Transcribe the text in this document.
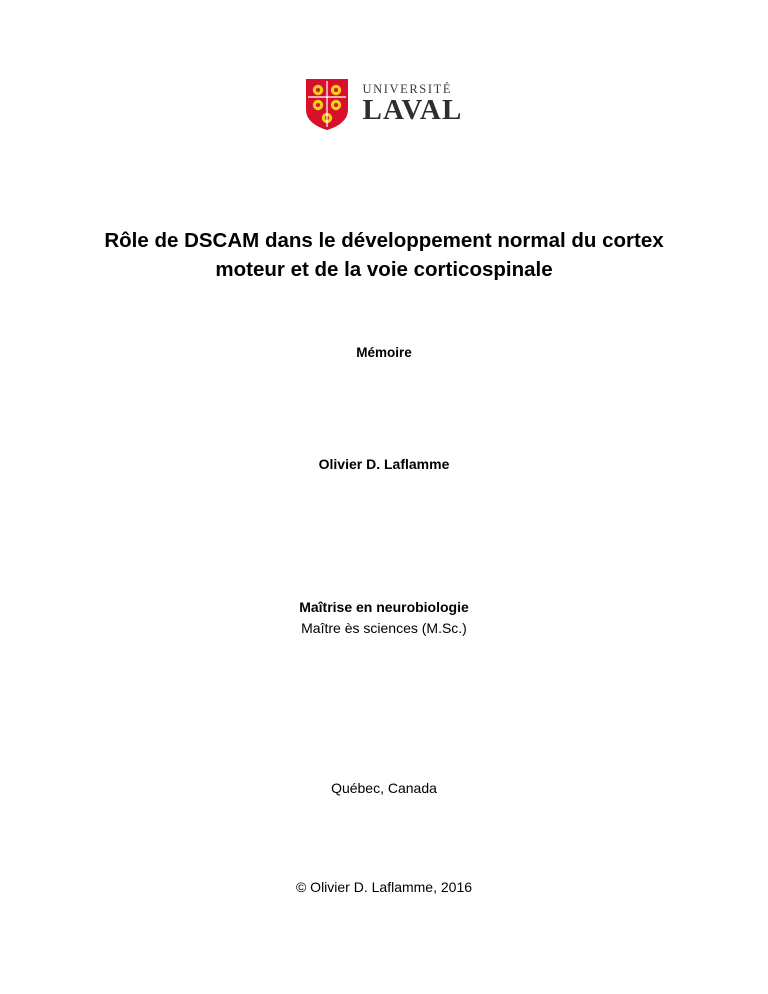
UNIVERSITÉ
LAVAL
Rôle de DSCAM dans le développement normal du cortex moteur et de la voie corticospinale
Mémoire
Olivier D. Laflamme
Maîtrise en neurobiologie
Maître ès sciences (M.Sc.)
Québec, Canada
© Olivier D. Laflamme, 2016
